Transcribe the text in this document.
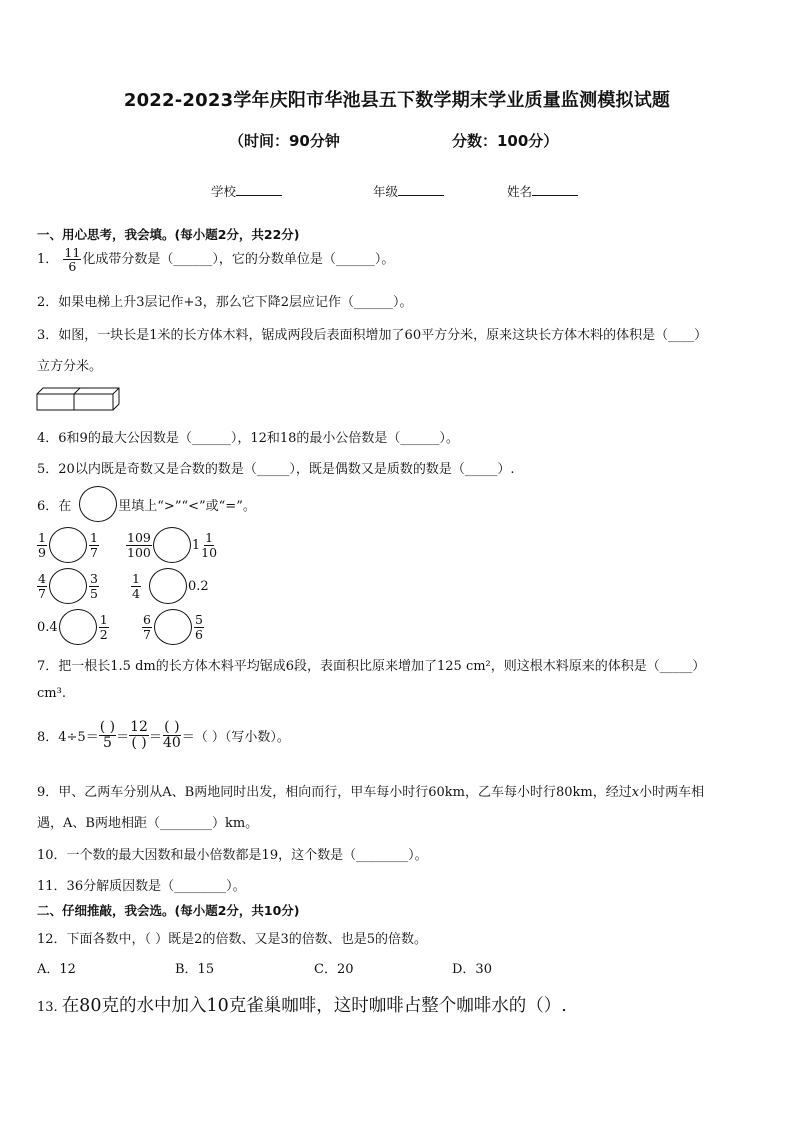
2022-2023学年庆阳市华池县五下数学期末学业质量监测模拟试题
（时间：90分钟	分数：100分）
学校	年级	姓名
一、用心思考，我会填。(每小题2分，共22分)
1． $\frac{11}{6}$ 化成带分数是（______），它的分数单位是（______）。
2．如果电梯上升3层记作+3，那么它下降2层应记作（______）。
3．如图，一块长是1米的长方体木料，锯成两段后表面积增加了60平方分米，原来这块长方体木料的体积是（____）
立方分米。
4．6和9的最大公因数是（______），12和18的最小公倍数是（______）。
5．20以内既是奇数又是合数的数是（_____），既是偶数又是质数的数是（_____）.
6．在	里填上“>”“<”或“=”。
$\frac{1}{9}$	$\frac{1}{7} \frac{109}{100}$	$1 \frac{1}{10}$
$\frac{4}{7}$	$\frac{3}{5}$	$\frac{1}{4}$	0.2
0.4	$\frac{1}{2}$	$\frac{6}{7}$	$\frac{5}{6}$
7．把一根长1.5 dm的长方体木料平均锯成6段，表面积比原来增加了125 cm²，则这根木料原来的体积是（_____）
cm³.
8．$4\div 5= \frac{( )}{5} = \frac{12}{( )} = \frac{( )}{40}$ ＝（ ）（写小数）。
9．甲、乙两车分别从A、B两地同时出发，相向而行，甲车每小时行60km，乙车每小时行80km，经过x小时两车相
遇，A、B两地相距（________）km。
10．一个数的最大因数和最小倍数都是19，这个数是（________）。
11．36分解质因数是（________）。
二、仔细推敲，我会选。(每小题2分，共10分)
12．下面各数中，（ ）既是2的倍数、又是3的倍数、也是5的倍数。
A．12	B．15	C．20	D．30
13. 在80克的水中加入10克雀巢咖啡，这时咖啡占整个咖啡水的（）.
